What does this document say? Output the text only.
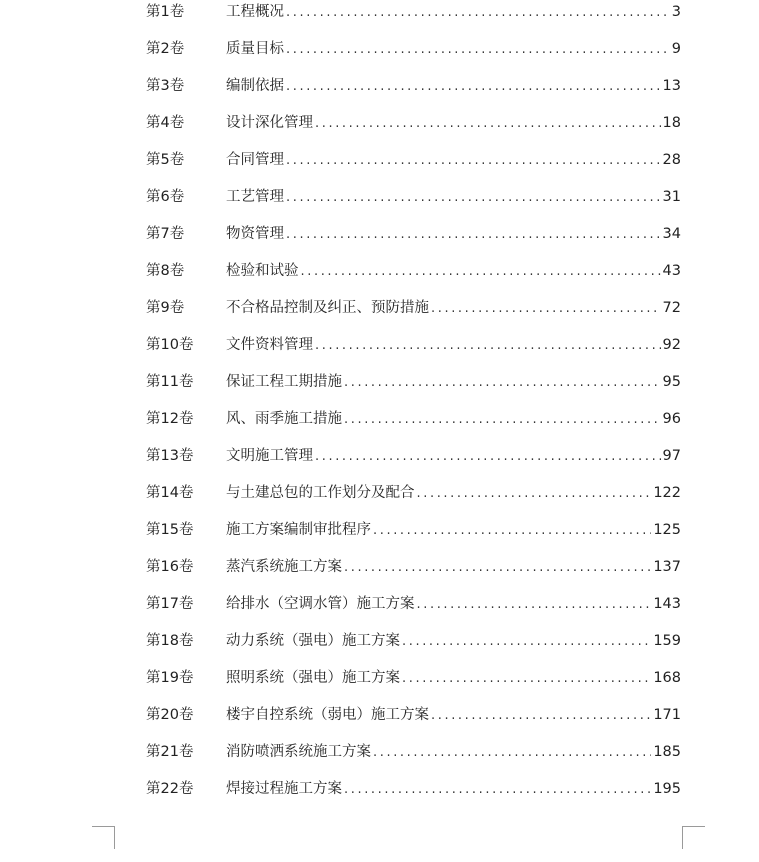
第1卷	工程概况 .....	3
第2卷	质量目标 .....	9
第3卷	编制依据 .....	13
第4卷	设计深化管理 .....	18
第5卷	合同管理 .....	28
第6卷	工艺管理 .....	31
第7卷	物资管理 .....	34
第8卷	检验和试验 .....	43
第9卷	不合格品控制及纠正、预防措施 .....	72
第10卷	文件资料管理 .....	92
第11卷	保证工程工期措施 .....	95
第12卷	风、雨季施工措施 .....	96
第13卷	文明施工管理 .....	97
第14卷	与土建总包的工作划分及配合 .....	122
第15卷	施工方案编制审批程序 .....	125
第16卷	蒸汽系统施工方案 .....	137
第17卷	给排水（空调水管）施工方案 .....	143
第18卷	动力系统（强电）施工方案 .....	159
第19卷	照明系统（强电）施工方案 .....	168
第20卷	楼宇自控系统（弱电）施工方案 .....	171
第21卷	消防喷洒系统施工方案 .....	185
第22卷	焊接过程施工方案 .....	195
